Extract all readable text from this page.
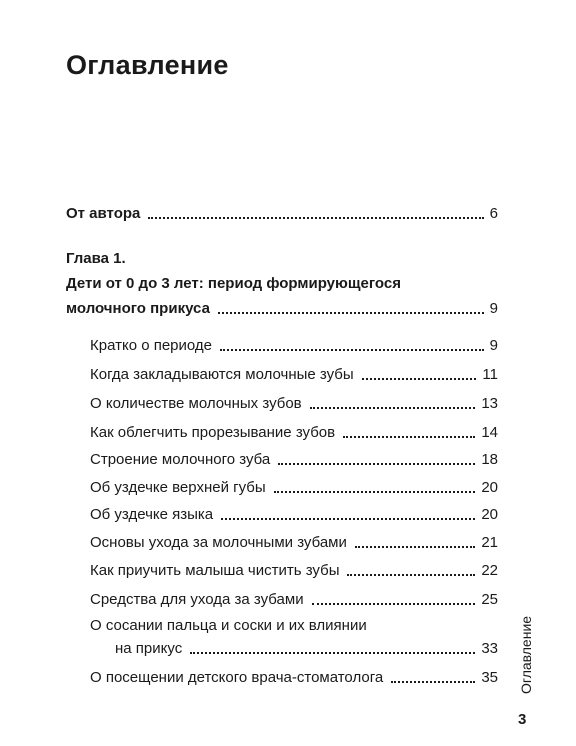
Оглавление
От автора	6
Глава 1.
Дети от 0 до 3 лет: период формирующегося
молочного прикуса	9
Кратко о периоде	9
Когда закладываются молочные зубы	11
О количестве молочных зубов	13
Как облегчить прорезывание зубов	14
Строение молочного зуба	18
Об уздечке верхней губы	20
Об уздечке языка	20
Основы ухода за молочными зубами	21
Как приучить малыша чистить зубы	22
Средства для ухода за зубами	25
О сосании пальца и соски и их влиянии
на прикус	33
О посещении детского врача-стоматолога	35 Оглавление
3
